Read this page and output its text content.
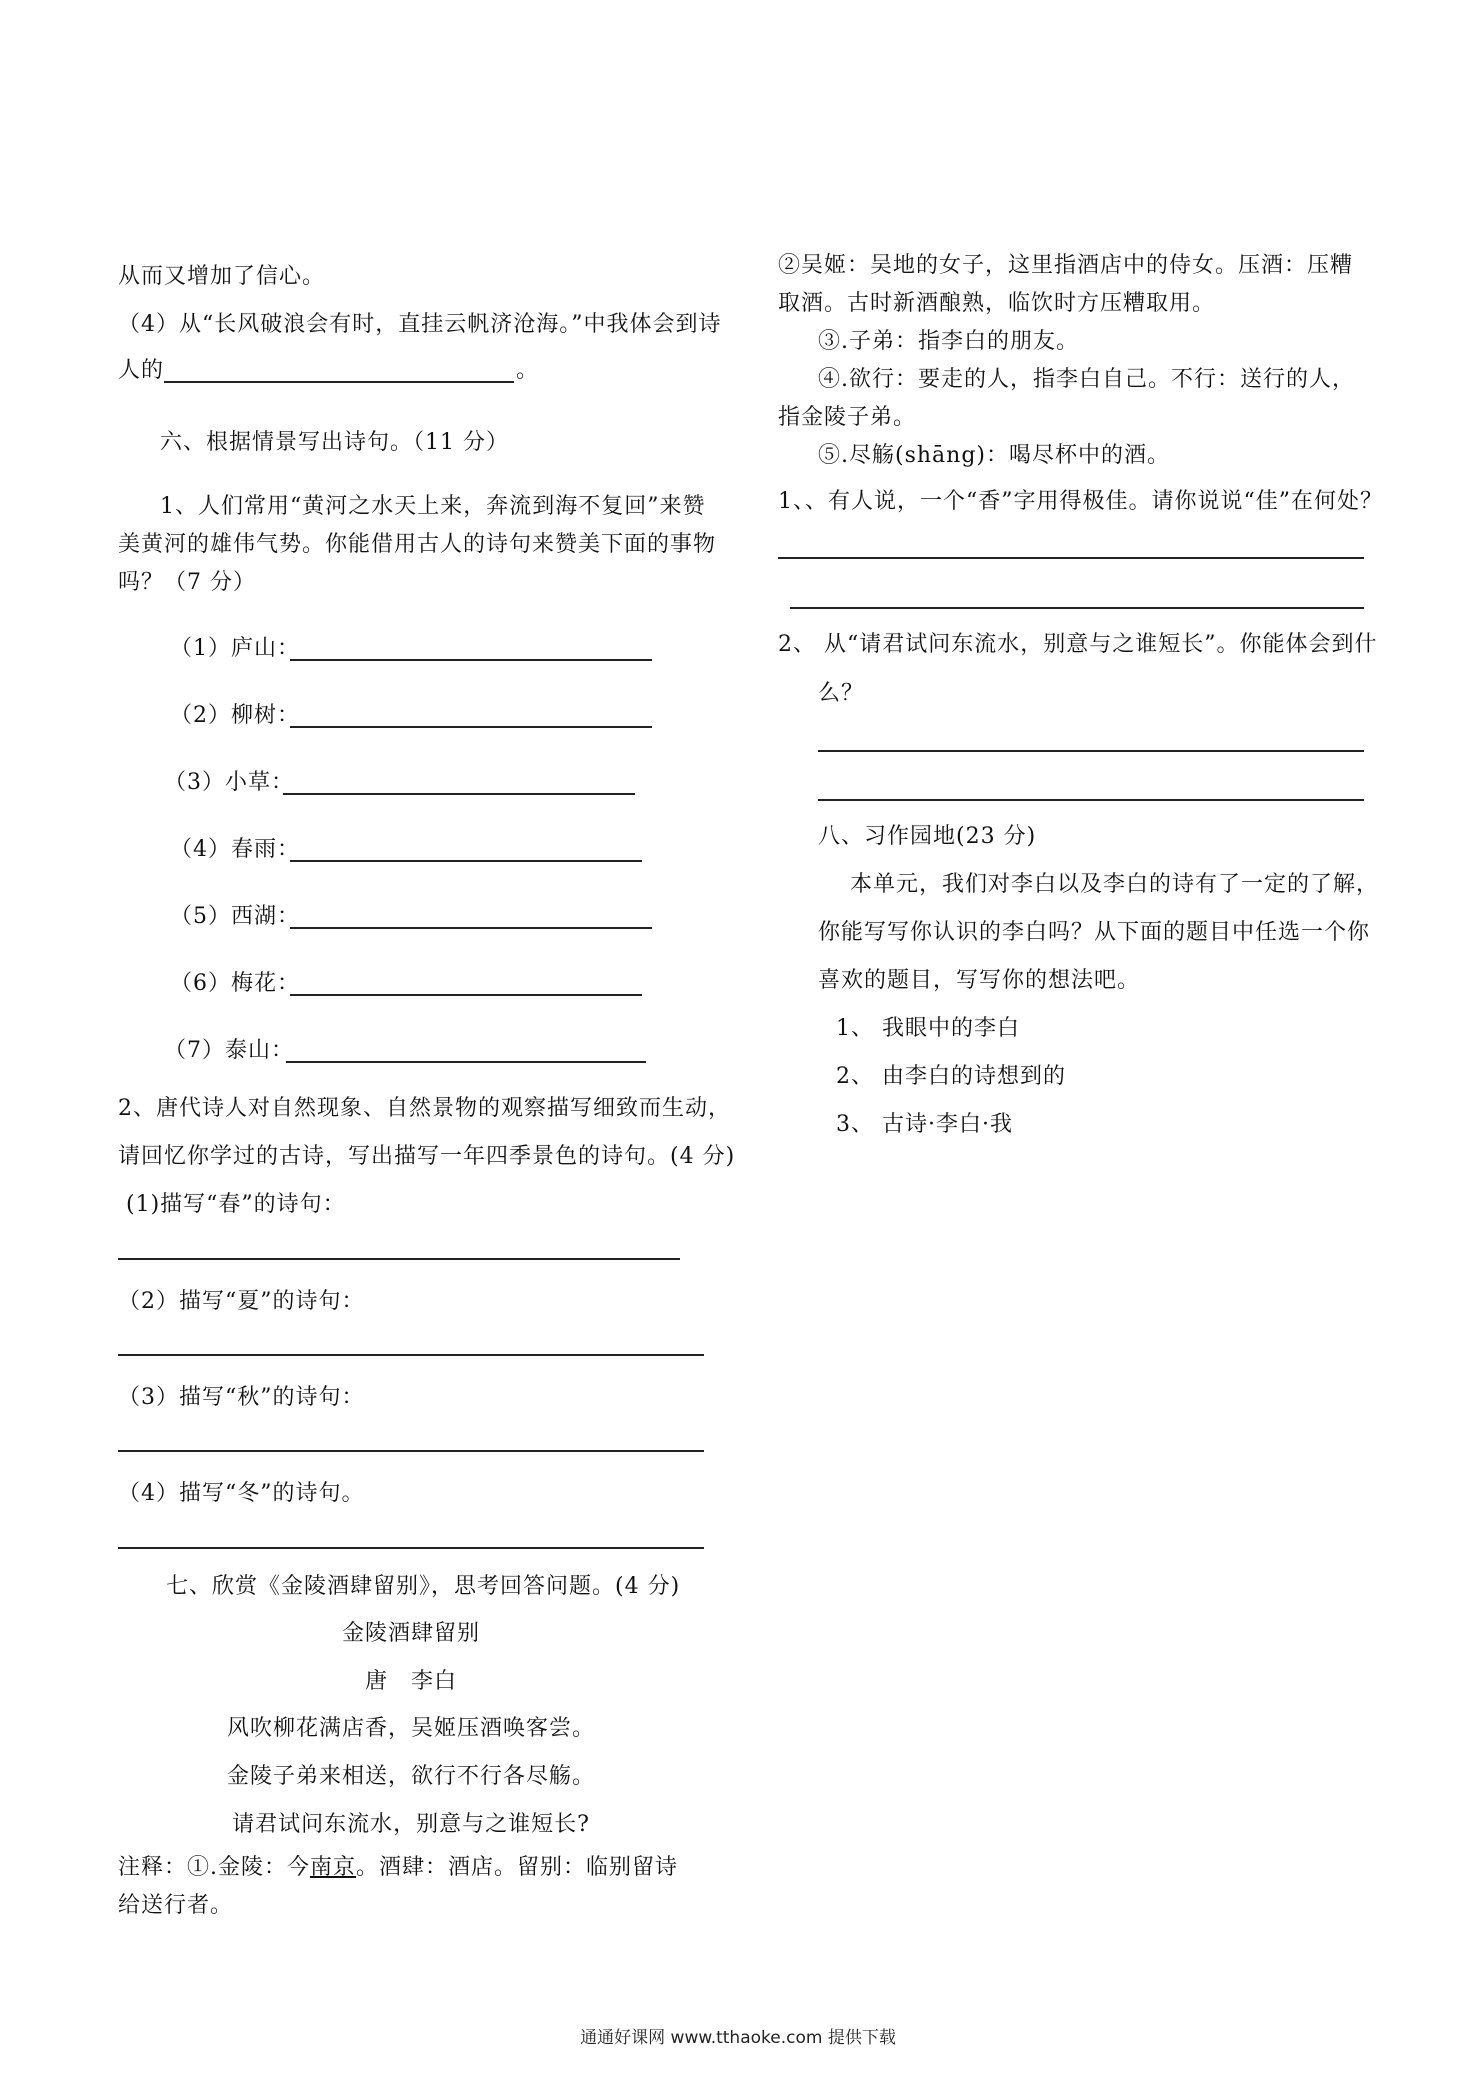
从而又增加了信心。
（4）从“长风破浪会有时，直挂云帆济沧海。”中我体会到诗
人的	。
六、根据情景写出诗句。（11 分）
1、人们常用“黄河之水天上来，奔流到海不复回”来赞
美黄河的雄伟气势。你能借用古人的诗句来赞美下面的事物
吗？（7 分）
（1）庐山：
（2）柳树：
（3）小草：
（4）春雨：
（5）西湖：
（6）梅花：
（7）泰山：
2、唐代诗人对自然现象、自然景物的观察描写细致而生动，
请回忆你学过的古诗，写出描写一年四季景色的诗句。(4 分)
(1)描写“春”的诗句：
（2）描写“夏”的诗句：
（3）描写“秋”的诗句：
（4）描写“冬”的诗句。
七、欣赏《金陵酒肆留别》，思考回答问题。(4 分)
金陵酒肆留别
唐　李白
风吹柳花满店香，吴姬压酒唤客尝。
金陵子弟来相送，欲行不行各尽觞。
请君试问东流水，别意与之谁短长?
注释：①.金陵：今南京。酒肆：酒店。留别：临别留诗
给送行者。
②吴姬：吴地的女子，这里指酒店中的侍女。压酒：压糟
取酒。古时新酒酿熟，临饮时方压糟取用。
③.子弟：指李白的朋友。
④.欲行：要走的人，指李白自己。不行：送行的人，
指金陵子弟。
⑤.尽觞(shāng)：喝尽杯中的酒。
1、、有人说，一个“香”字用得极佳。请你说说“佳”在何处？
2、 从“请君试问东流水，别意与之谁短长”。你能体会到什
么？
八、习作园地(23 分)
本单元，我们对李白以及李白的诗有了一定的了解，
你能写写你认识的李白吗？从下面的题目中任选一个你
喜欢的题目，写写你的想法吧。
1、 我眼中的李白
2、 由李白的诗想到的
3、 古诗·李白·我
通通好课网 www.tthaoke.com 提供下载
